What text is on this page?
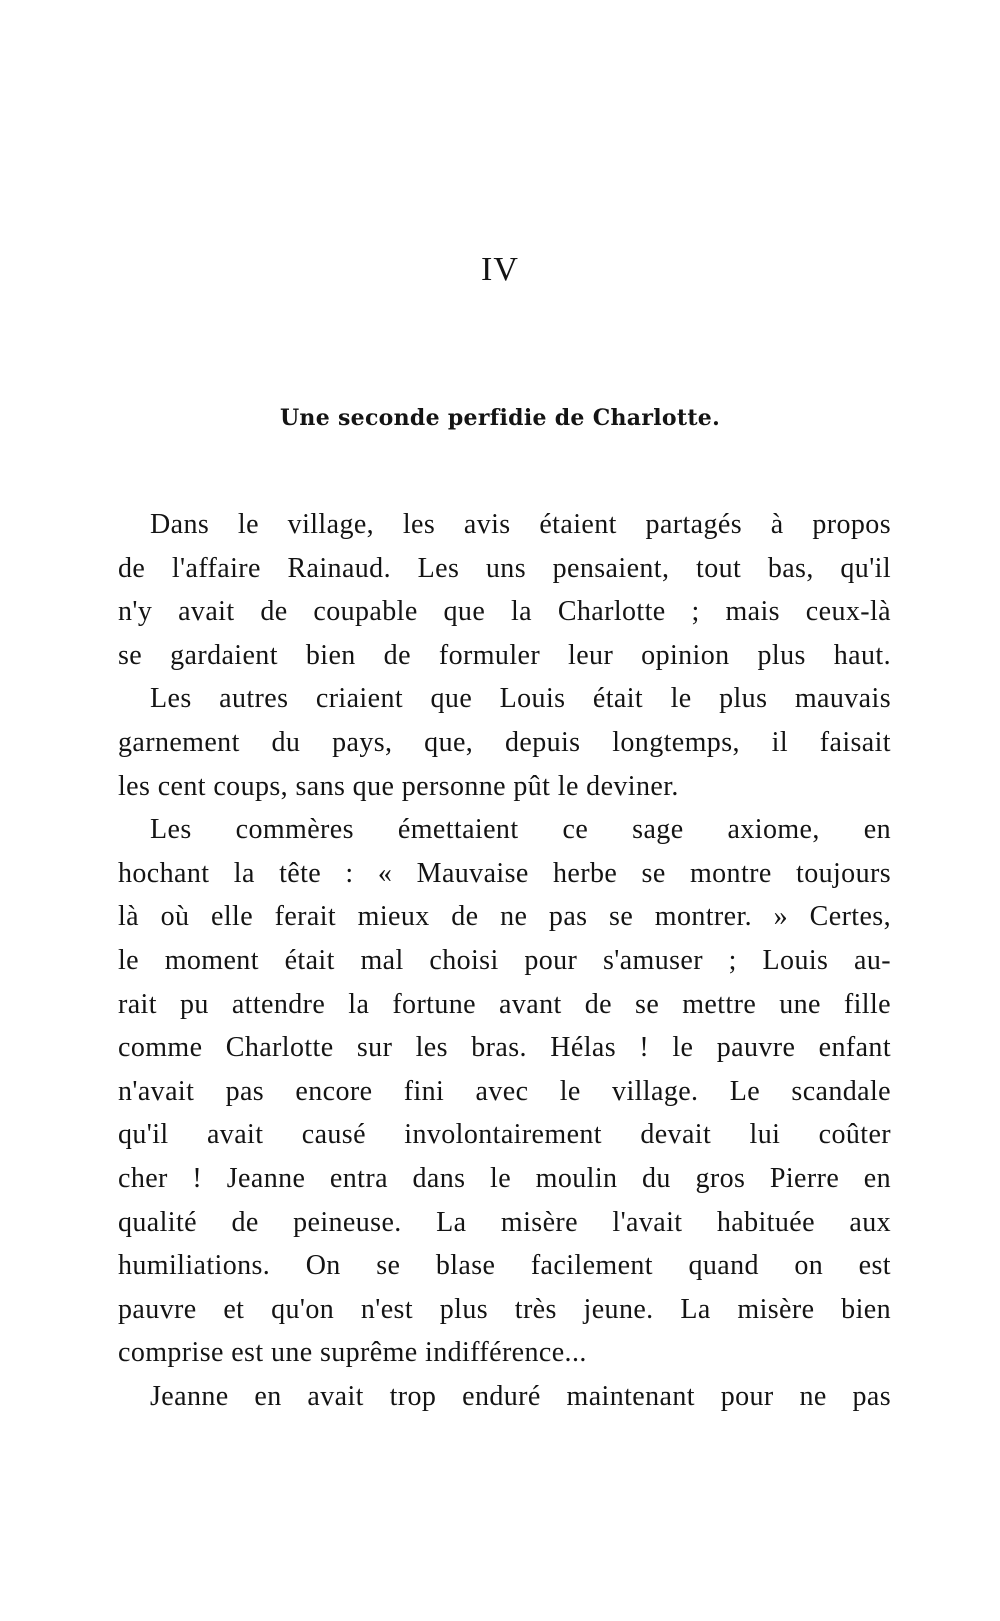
IV
Une seconde perfidie de Charlotte.
Dans le village, les avis étaient partagés à propos
de l'affaire Rainaud. Les uns pensaient, tout bas, qu'il
n'y avait de coupable que la Charlotte ; mais ceux-là
se gardaient bien de formuler leur opinion plus haut.
Les autres criaient que Louis était le plus mauvais
garnement du pays, que, depuis longtemps, il faisait
les cent coups, sans que personne pût le deviner.
Les commères émettaient ce sage axiome, en
hochant la tête : « Mauvaise herbe se montre toujours
là où elle ferait mieux de ne pas se montrer. » Certes,
le moment était mal choisi pour s'amuser ; Louis au-
rait pu attendre la fortune avant de se mettre une fille
comme Charlotte sur les bras. Hélas ! le pauvre enfant
n'avait pas encore fini avec le village. Le scandale
qu'il avait causé involontairement devait lui coûter
cher ! Jeanne entra dans le moulin du gros Pierre en
qualité de peineuse. La misère l'avait habituée aux
humiliations. On se blase facilement quand on est
pauvre et qu'on n'est plus très jeune. La misère bien
comprise est une suprême indifférence...
Jeanne en avait trop enduré maintenant pour ne pas
